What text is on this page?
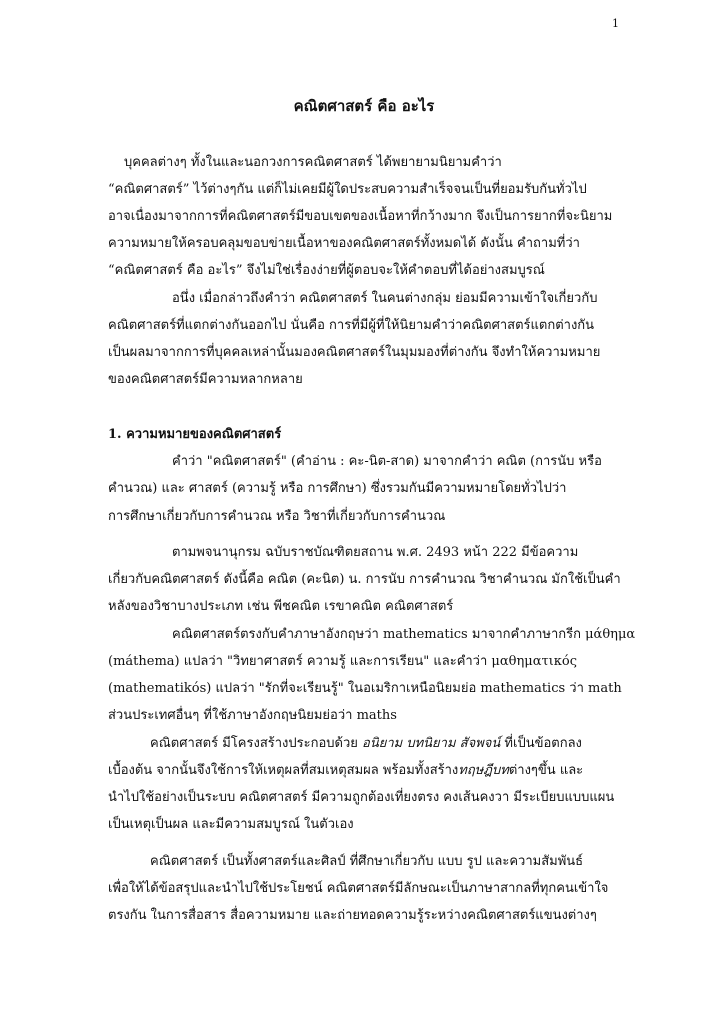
1
คณิตศาสตร์ คือ อะไร
บุคคลต่างๆ ทั้งในและนอกวงการคณิตศาสตร์ ได้พยายามนิยามคำว่า
“คณิตศาสตร์” ไว้ต่างๆกัน แต่ก็ไม่เคยมีผู้ใดประสบความสำเร็จจนเป็นที่ยอมรับกันทั่วไป
อาจเนื่องมาจากการที่คณิตศาสตร์มีขอบเขตของเนื้อหาที่กว้างมาก จึงเป็นการยากที่จะนิยาม
ความหมายให้ครอบคลุมขอบข่ายเนื้อหาของคณิตศาสตร์ทั้งหมดได้ ดังนั้น คำถามที่ว่า
“คณิตศาสตร์ คือ อะไร” จึงไม่ใช่เรื่องง่ายที่ผู้ตอบจะให้คำตอบที่ได้อย่างสมบูรณ์
อนึ่ง เมื่อกล่าวถึงคำว่า คณิตศาสตร์ ในคนต่างกลุ่ม ย่อมมีความเข้าใจเกี่ยวกับ
คณิตศาสตร์ที่แตกต่างกันออกไป นั่นคือ การที่มีผู้ที่ให้นิยามคำว่าคณิตศาสตร์แตกต่างกัน
เป็นผลมาจากการที่บุคคลเหล่านั้นมองคณิตศาสตร์ในมุมมองที่ต่างกัน จึงทำให้ความหมาย
ของคณิตศาสตร์มีความหลากหลาย
1. ความหมายของคณิตศาสตร์
คำว่า "คณิตศาสตร์" (คำอ่าน : คะ-นิต-สาด) มาจากคำว่า คณิต (การนับ หรือ
คำนวณ) และ ศาสตร์ (ความรู้ หรือ การศึกษา) ซึ่งรวมกันมีความหมายโดยทั่วไปว่า
การศึกษาเกี่ยวกับการคำนวณ หรือ วิชาที่เกี่ยวกับการคำนวณ
ตามพจนานุกรม ฉบับราชบัณฑิตยสถาน พ.ศ. 2493 หน้า 222 มีข้อความ
เกี่ยวกับคณิตศาสตร์ ดังนี้คือ คณิต (คะนิต) น. การนับ การคำนวณ วิชาคำนวณ มักใช้เป็นคำ
หลังของวิชาบางประเภท เช่น พีชคณิต เรขาคณิต คณิตศาสตร์
คณิตศาสตร์ตรงกับคำภาษาอังกฤษว่า mathematics มาจากคำภาษากรีก μάθημα
(máthema) แปลว่า "วิทยาศาสตร์ ความรู้ และการเรียน" และคำว่า μαθηματικός
(mathematikós) แปลว่า "รักที่จะเรียนรู้" ในอเมริกาเหนือนิยมย่อ mathematics ว่า math
ส่วนประเทศอื่นๆ ที่ใช้ภาษาอังกฤษนิยมย่อว่า maths
คณิตศาสตร์ มีโครงสร้างประกอบด้วย อนิยาม บทนิยาม สัจพจน์ ที่เป็นข้อตกลง
เบื้องต้น จากนั้นจึงใช้การให้เหตุผลที่สมเหตุสมผล พร้อมทั้งสร้างทฤษฎีบทต่างๆขึ้น และ
นำไปใช้อย่างเป็นระบบ คณิตศาสตร์ มีความถูกต้องเที่ยงตรง คงเส้นคงวา มีระเบียบแบบแผน
เป็นเหตุเป็นผล และมีความสมบูรณ์ ในตัวเอง
คณิตศาสตร์ เป็นทั้งศาสตร์และศิลป์ ที่ศึกษาเกี่ยวกับ แบบ รูป และความสัมพันธ์
เพื่อให้ได้ข้อสรุปและนำไปใช้ประโยชน์ คณิตศาสตร์มีลักษณะเป็นภาษาสากลที่ทุกคนเข้าใจ
ตรงกัน ในการสื่อสาร สื่อความหมาย และถ่ายทอดความรู้ระหว่างคณิตศาสตร์แขนงต่างๆ
